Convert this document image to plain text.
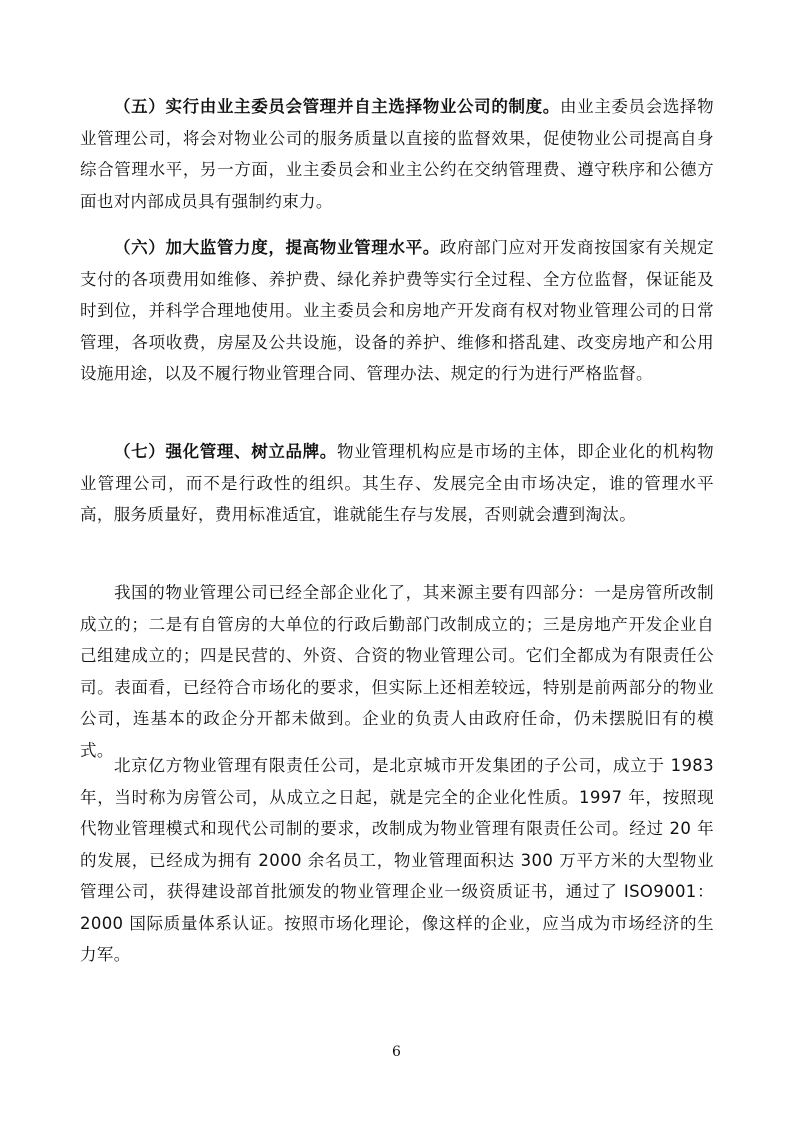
（五）实行由业主委员会管理并自主选择物业公司的制度。由业主委员会选择物业管理公司，将会对物业公司的服务质量以直接的监督效果，促使物业公司提高自身综合管理水平，另一方面，业主委员会和业主公约在交纳管理费、遵守秩序和公德方面也对内部成员具有强制约束力。

（六）加大监管力度，提高物业管理水平。政府部门应对开发商按国家有关规定支付的各项费用如维修、养护费、绿化养护费等实行全过程、全方位监督，保证能及时到位，并科学合理地使用。业主委员会和房地产开发商有权对物业管理公司的日常管理，各项收费，房屋及公共设施，设备的养护、维修和搭乱建、改变房地产和公用设施用途，以及不履行物业管理合同、管理办法、规定的行为进行严格监督。

（七）强化管理、树立品牌。物业管理机构应是市场的主体，即企业化的机构物业管理公司，而不是行政性的组织。其生存、发展完全由市场决定，谁的管理水平高，服务质量好，费用标准适宜，谁就能生存与发展，否则就会遭到淘汰。

我国的物业管理公司已经全部企业化了，其来源主要有四部分：一是房管所改制成立的；二是有自管房的大单位的行政后勤部门改制成立的；三是房地产开发企业自己组建成立的；四是民营的、外资、合资的物业管理公司。它们全都成为有限责任公司。表面看，已经符合市场化的要求，但实际上还相差较远，特别是前两部分的物业公司，连基本的政企分开都未做到。企业的负责人由政府任命，仍未摆脱旧有的模式。

北京亿方物业管理有限责任公司，是北京城市开发集团的子公司，成立于 1983 年，当时称为房管公司，从成立之日起，就是完全的企业化性质。1997 年，按照现代物业管理模式和现代公司制的要求，改制成为物业管理有限责任公司。经过 20 年的发展，已经成为拥有 2000 余名员工，物业管理面积达 300 万平方米的大型物业管理公司，获得建设部首批颁发的物业管理企业一级资质证书，通过了 ISO9001：2000 国际质量体系认证。按照市场化理论，像这样的企业，应当成为市场经济的生力军。

6
